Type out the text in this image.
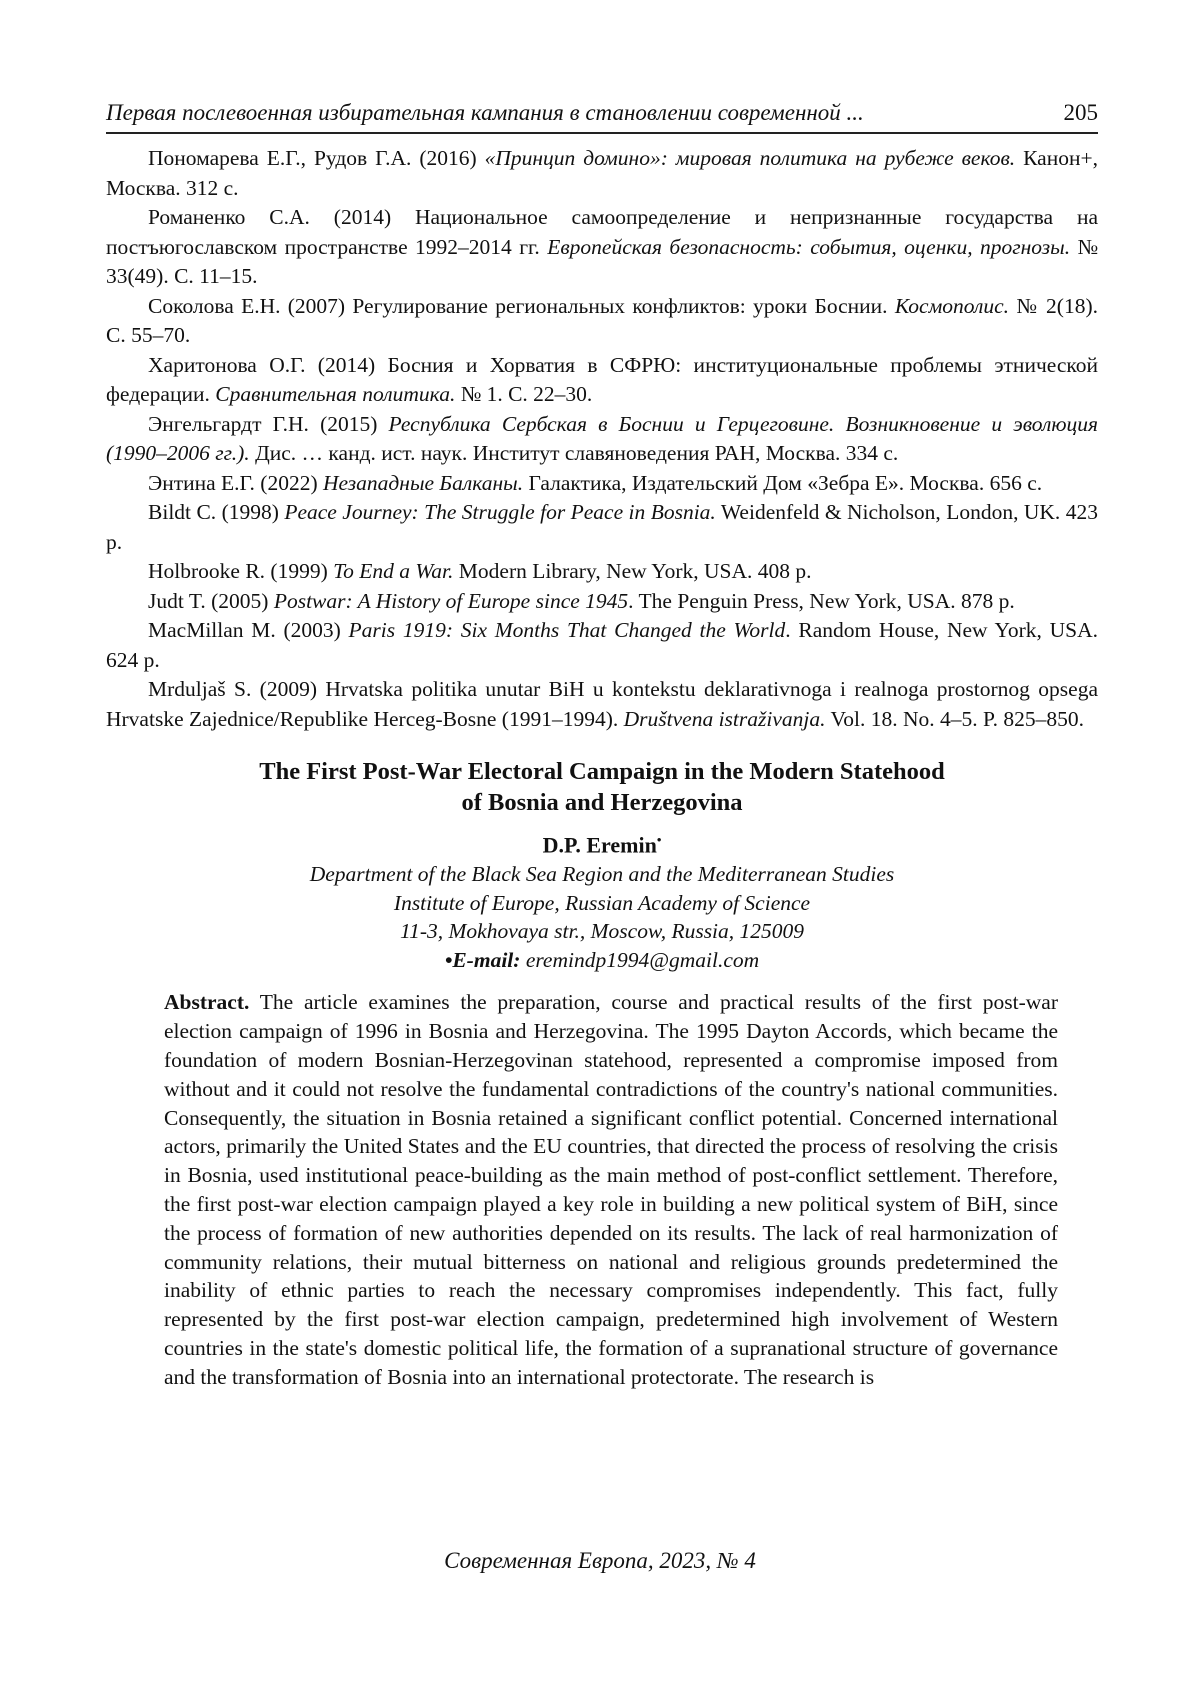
Первая послевоенная избирательная кампания в становлении современной ...	205

Пономарева Е.Г., Рудов Г.А. (2016) «Принцип домино»: мировая политика на рубеже веков. Канон+, Москва. 312 с.

Романенко С.А. (2014) Национальное самоопределение и непризнанные государства на постъюгославском пространстве 1992–2014 гг. Европейская безопасность: события, оценки, прогнозы. № 33(49). С. 11–15.

Соколова Е.Н. (2007) Регулирование региональных конфликтов: уроки Боснии. Космополис. № 2(18). С. 55–70.

Харитонова О.Г. (2014) Босния и Хорватия в СФРЮ: институциональные проблемы этнической федерации. Сравнительная политика. № 1. С. 22–30.

Энгельгардт Г.Н. (2015) Республика Сербская в Боснии и Герцеговине. Возникновение и эволюция (1990–2006 гг.). Дис. … канд. ист. наук. Институт славяноведения РАН, Москва. 334 с.

Энтина Е.Г. (2022) Незападные Балканы. Галактика, Издательский Дом «Зебра Е». Москва. 656 с.

Bildt C. (1998) Peace Journey: The Struggle for Peace in Bosnia. Weidenfeld & Nicholson, London, UK. 423 p.

Holbrooke R. (1999) To End a War. Modern Library, New York, USA. 408 p.

Judt T. (2005) Postwar: A History of Europe since 1945. The Penguin Press, New York, USA. 878 p.

MacMillan M. (2003) Paris 1919: Six Months That Changed the World. Random House, New York, USA. 624 p.

Mrduljaš S. (2009) Hrvatska politika unutar BiH u kontekstu deklarativnoga i realnoga prostornog opsega Hrvatske Zajednice/Republike Herceg-Bosne (1991–1994). Društvena istraživanja. Vol. 18. No. 4–5. P. 825–850.

The First Post-War Electoral Campaign in the Modern Statehood
of Bosnia and Herzegovina
D.P. Eremin•
Department of the Black Sea Region and the Mediterranean Studies
Institute of Europe, Russian Academy of Science
11-3, Mokhovaya str., Moscow, Russia, 125009
•E-mail: eremindp1994@gmail.com
Abstract. The article examines the preparation, course and practical results of the first post-war election campaign of 1996 in Bosnia and Herzegovina. The 1995 Dayton Accords, which became the foundation of modern Bosnian-Herzegovinan statehood, represented a compromise imposed from without and it could not resolve the fundamental contradictions of the country's national communities. Consequently, the situation in Bosnia retained a significant conflict potential. Concerned international actors, primarily the United States and the EU countries, that directed the process of resolving the crisis in Bosnia, used institutional peace-building as the main method of post-conflict settlement. Therefore, the first post-war election campaign played a key role in building a new political system of BiH, since the process of formation of new authorities depended on its results. The lack of real harmonization of community relations, their mutual bitterness on national and religious grounds predetermined the inability of ethnic parties to reach the necessary compromises independently. This fact, fully represented by the first post-war election campaign, predetermined high involvement of Western countries in the state's domestic political life, the formation of a supranational structure of governance and the transformation of Bosnia into an international protectorate. The research is
Современная Европа, 2023, № 4
